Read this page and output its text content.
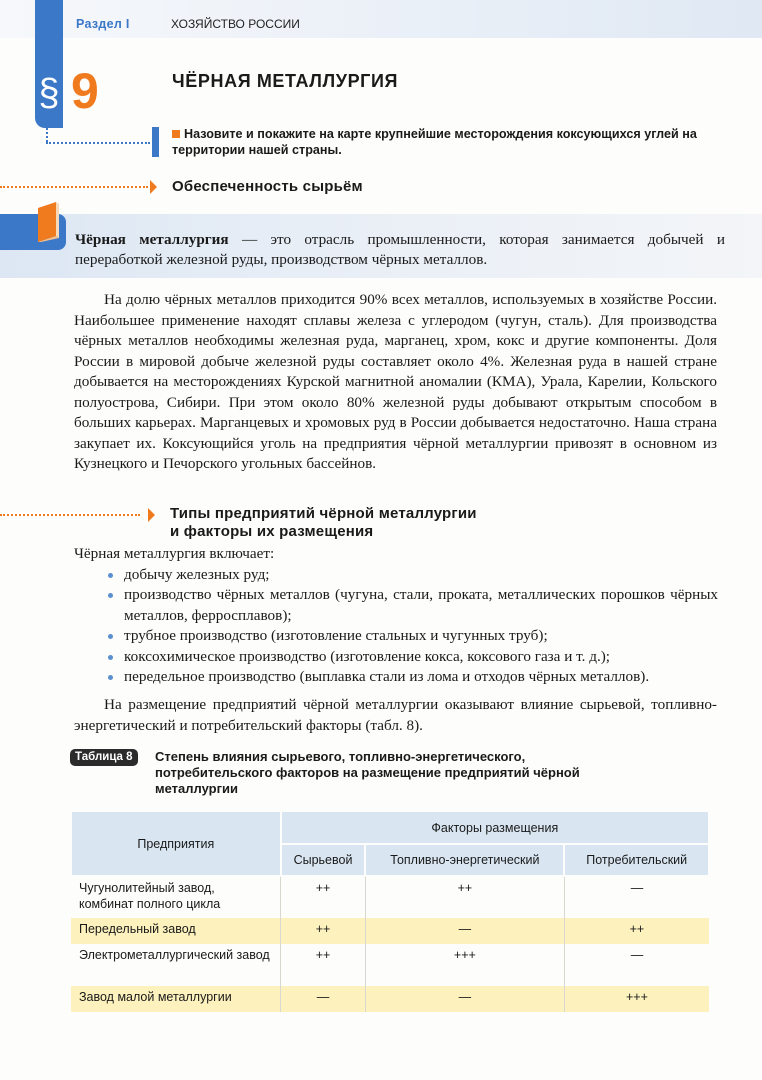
§
Раздел I	ХОЗЯЙСТВО РОССИИ
9	ЧЁРНАЯ МЕТАЛЛУРГИЯ
Назовите и покажите на карте крупнейшие месторождения коксующихся углей на территории нашей страны.
Обеспеченность сырьём
Чёрная металлургия — это отрасль промышленности, которая занимается добычей и переработкой железной руды, производством чёрных металлов.
На долю чёрных металлов приходится 90% всех металлов, используемых в хозяйстве России. Наибольшее применение находят сплавы железа с углеродом (чугун, сталь). Для производства чёрных металлов необходимы железная руда, марганец, хром, кокс и другие компоненты. Доля России в мировой добыче железной руды составляет около 4%. Железная руда в нашей стране добывается на месторождениях Курской магнитной аномалии (КМА), Урала, Карелии, Кольского полуострова, Сибири. При этом около 80% железной руды добывают открытым способом в больших карьерах. Марганцевых и хромовых руд в России добывается недостаточно. Наша страна закупает их. Коксующийся уголь на предприятия чёрной металлургии привозят в основном из Кузнецкого и Печорского угольных бассейнов.
Типы предприятий чёрной металлургии
и факторы их размещения
Чёрная металлургия включает:
добычу железных руд;
производство чёрных металлов (чугуна, стали, проката, металлических порошков чёрных металлов, ферросплавов);
трубное производство (изготовление стальных и чугунных труб);
коксохимическое производство (изготовление кокса, коксового газа и т. д.);
передельное производство (выплавка стали из лома и отходов чёрных металлов).
На размещение предприятий чёрной металлургии оказывают влияние сырьевой, топливно-энергетический и потребительский факторы (табл. 8).
Таблица 8	Степень влияния сырьевого, топливно-энергетического, потребительского факторов на размещение предприятий чёрной металлургии
Предприятия	Факторы размещения		
	Сырьевой	Топливно-энергетический	Потребительский
Чугунолитейный завод, комбинат полного цикла	++	++	—
Передельный завод	++	—	++
Электрометаллургический завод	++	+++	—
Завод малой металлургии	—	—	+++
